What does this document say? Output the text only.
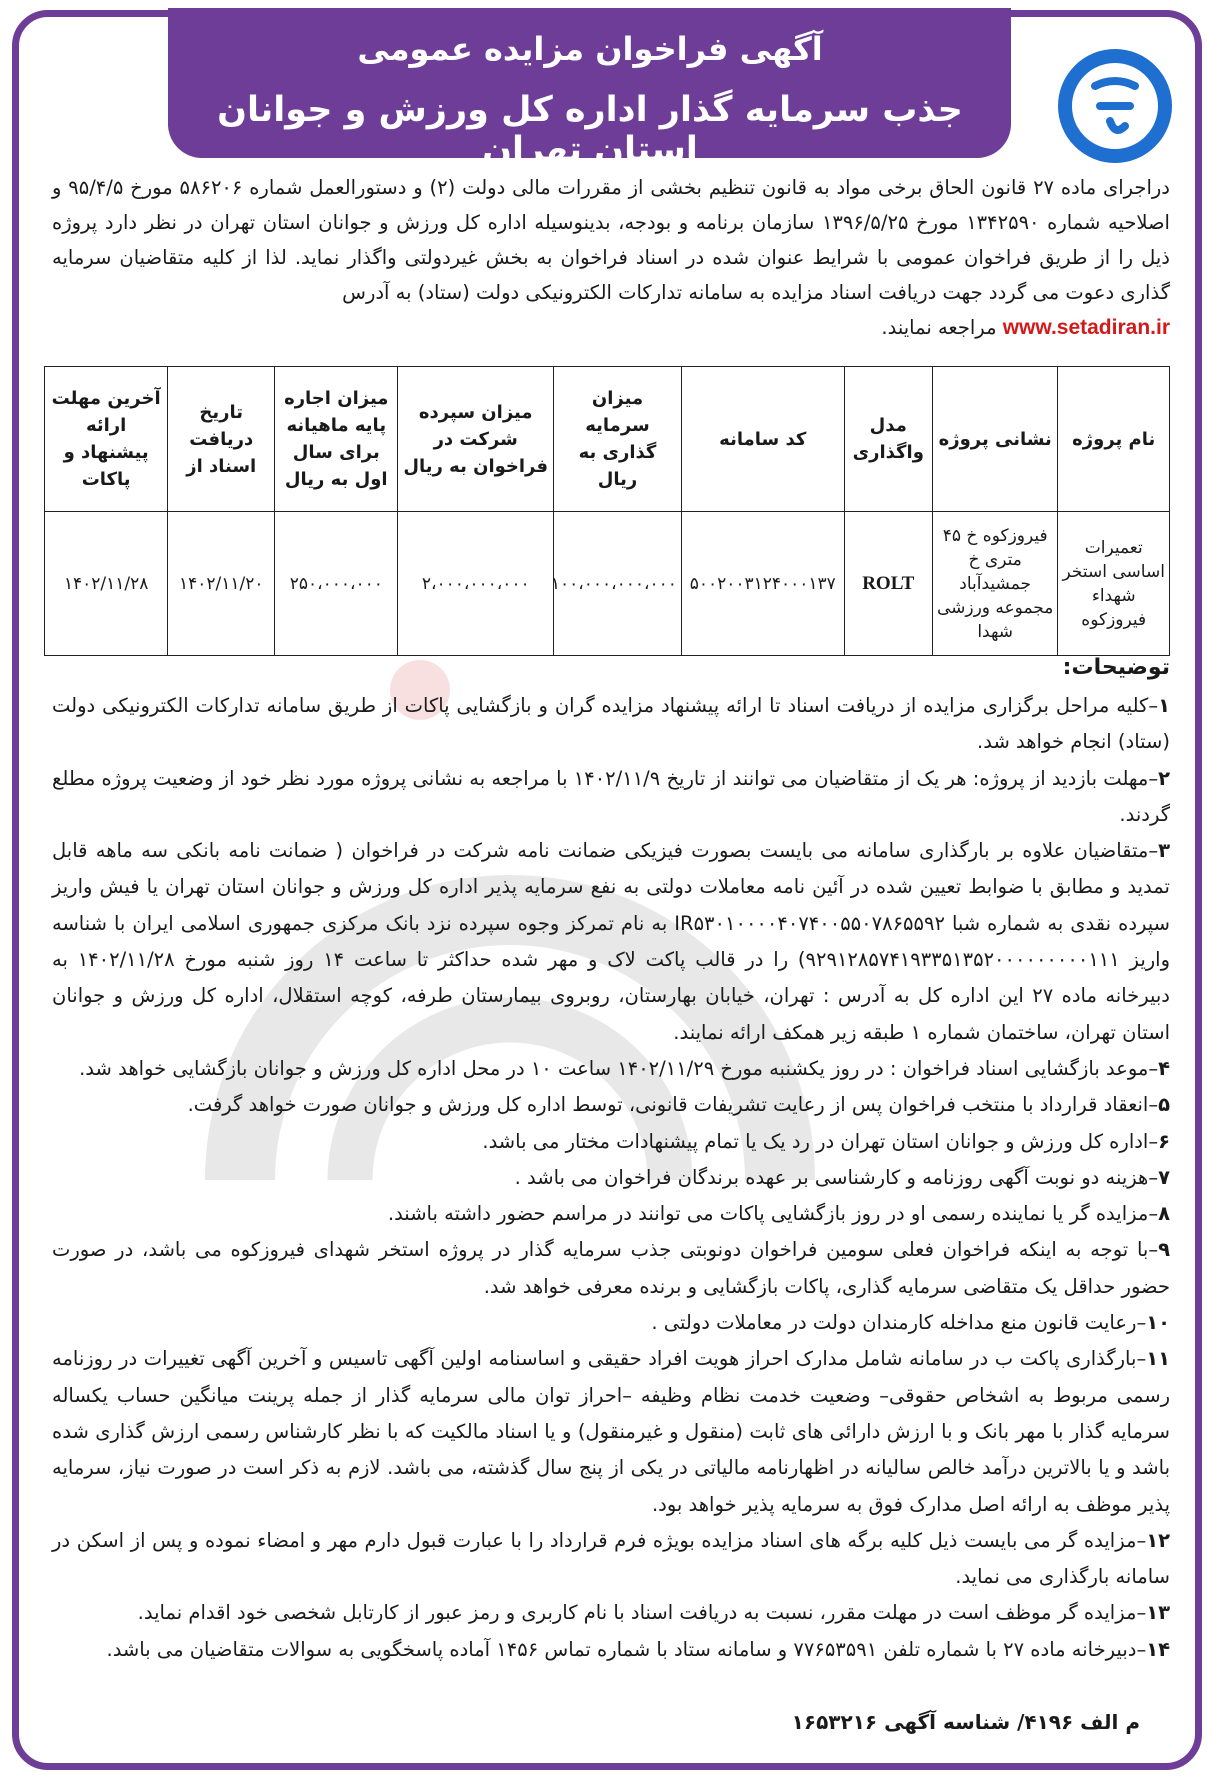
آگهی فراخوان مزایده عمومی
جذب سرمایه گذار اداره کل ورزش و جوانان استان تهران
دراجرای ماده ۲۷ قانون الحاق برخی مواد به قانون تنظیم بخشی از مقررات مالی دولت (۲) و دستورالعمل شماره ۵۸۶۲۰۶ مورخ ۹۵/۴/۵ و اصلاحیه شماره ۱۳۴۲۵۹۰ مورخ ۱۳۹۶/۵/۲۵ سازمان برنامه و بودجه، بدینوسیله اداره کل ورزش و جوانان استان تهران در نظر دارد پروژه ذیل را از طریق فراخوان عمومی با شرایط عنوان شده در اسناد فراخوان به بخش غیردولتی واگذار نماید. لذا از کلیه متقاضیان سرمایه گذاری دعوت می گردد جهت دریافت اسناد مزایده به سامانه تدارکات الکترونیکی دولت (ستاد) به آدرس
www.setadiran.ir مراجعه نمایند.
نام پروژه	نشانی پروژه	مدل واگذاری	کد سامانه	میزان سرمایه گذاری به ریال	میزان سپرده شرکت در فراخوان به ریال	میزان اجاره پایه ماهیانه برای سال اول به ریال	تاریخ دریافت اسناد از	آخرین مهلت ارائه پیشنهاد و پاکات
تعمیرات اساسی استخر شهداء فیروزکوه	فیروزکوه خ ۴۵ متری خ جمشیدآباد مجموعه ورزشی شهدا	ROLT	۵۰۰۲۰۰۳۱۲۴۰۰۰۱۳۷	۱۰۰،۰۰۰،۰۰۰،۰۰۰	۲،۰۰۰،۰۰۰،۰۰۰	۲۵۰،۰۰۰،۰۰۰	۱۴۰۲/۱۱/۲۰	۱۴۰۲/۱۱/۲۸
توضیحات:
۱–کلیه مراحل برگزاری مزایده از دریافت اسناد تا ارائه پیشنهاد مزایده گران و بازگشایی پاکات از طریق سامانه تدارکات الکترونیکی دولت (ستاد) انجام خواهد شد.
۲–مهلت بازدید از پروژه: هر یک از متقاضیان می توانند از تاریخ ۱۴۰۲/۱۱/۹ با مراجعه به نشانی پروژه مورد نظر خود از وضعیت پروژه مطلع گردند.
۳–متقاضیان علاوه بر بارگذاری سامانه می بایست بصورت فیزیکی ضمانت نامه شرکت در فراخوان ( ضمانت نامه بانکی سه ماهه قابل تمدید و مطابق با ضوابط تعیین شده در آئین نامه معاملات دولتی به نفع سرمایه پذیر اداره کل ورزش و جوانان استان تهران یا فیش واریز سپرده نقدی به شماره شبا IR۵۳۰۱۰۰۰۰۴۰۷۴۰۰۵۵۰۷۸۶۵۵۹۲ به نام تمرکز وجوه سپرده نزد بانک مرکزی جمهوری اسلامی ایران با شناسه واریز ۹۲۹۱۲۸۵۷۴۱۹۳۳۵۱۳۵۲۰۰۰۰۰۰۰۰۰۱۱۱) را در قالب پاکت لاک و مهر شده حداکثر تا ساعت ۱۴ روز شنبه مورخ ۱۴۰۲/۱۱/۲۸ به دبیرخانه ماده ۲۷ این اداره کل به آدرس : تهران، خیابان بهارستان، روبروی بیمارستان طرفه، کوچه استقلال، اداره کل ورزش و جوانان استان تهران، ساختمان شماره ۱ طبقه زیر همکف ارائه نمایند.
۴–موعد بازگشایی اسناد فراخوان : در روز یکشنبه مورخ ۱۴۰۲/۱۱/۲۹ ساعت ۱۰ در محل اداره کل ورزش و جوانان بازگشایی خواهد شد.
۵–انعقاد قرارداد با منتخب فراخوان پس از رعایت تشریفات قانونی، توسط اداره کل ورزش و جوانان صورت خواهد گرفت.
۶–اداره کل ورزش و جوانان استان تهران در رد یک یا تمام پیشنهادات مختار می باشد.
۷–هزینه دو نوبت آگهی روزنامه و کارشناسی بر عهده برندگان فراخوان می باشد .
۸–مزایده گر یا نماینده رسمی او در روز بازگشایی پاکات می توانند در مراسم حضور داشته باشند.
۹–با توجه به اینکه فراخوان فعلی سومین فراخوان دونوبتی جذب سرمایه گذار در پروژه استخر شهدای فیروزکوه می باشد، در صورت حضور حداقل یک متقاضی سرمایه گذاری، پاکات بازگشایی و برنده معرفی خواهد شد.
۱۰–رعایت قانون منع مداخله کارمندان دولت در معاملات دولتی .
۱۱–بارگذاری پاکت ب در سامانه شامل مدارک احراز هویت افراد حقیقی و اساسنامه اولین آگهی تاسیس و آخرین آگهی تغییرات در روزنامه رسمی مربوط به اشخاص حقوقی– وضعیت خدمت نظام وظیفه –احراز توان مالی سرمایه گذار از جمله پرینت میانگین حساب یکساله سرمایه گذار با مهر بانک و با ارزش دارائی های ثابت (منقول و غیرمنقول) و یا اسناد مالکیت که با نظر کارشناس رسمی ارزش گذاری شده باشد و یا بالاترین درآمد خالص سالیانه در اظهارنامه مالیاتی در یکی از پنج سال گذشته، می باشد. لازم به ذکر است در صورت نیاز، سرمایه پذیر موظف به ارائه اصل مدارک فوق به سرمایه پذیر خواهد بود.
۱۲–مزایده گر می بایست ذیل کلیه برگه های اسناد مزایده بویژه فرم قرارداد را با عبارت قبول دارم مهر و امضاء نموده و پس از اسکن در سامانه بارگذاری می نماید.
۱۳–مزایده گر موظف است در مهلت مقرر، نسبت به دریافت اسناد با نام کاربری و رمز عبور از کارتابل شخصی خود اقدام نماید.
۱۴–دبیرخانه ماده ۲۷ با شماره تلفن ۷۷۶۵۳۵۹۱ و سامانه ستاد با شماره تماس ۱۴۵۶ آماده پاسخگویی به سوالات متقاضیان می باشد.
م الف ۴۱۹۶/ شناسه آگهی ۱۶۵۳۲۱۶
